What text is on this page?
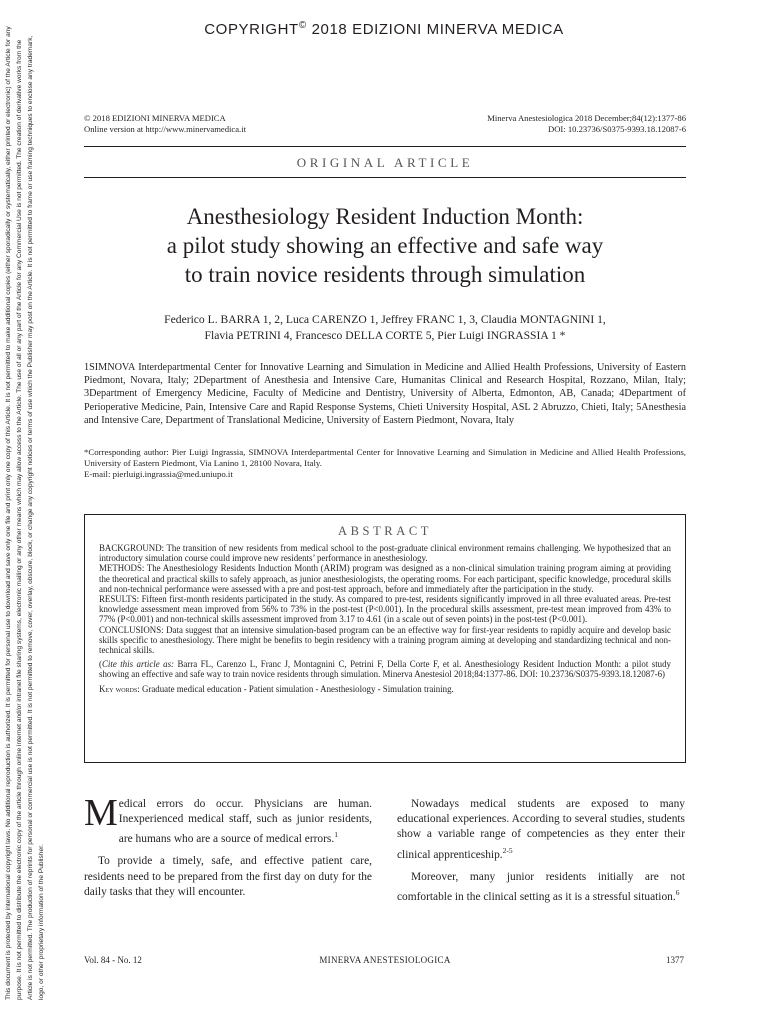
COPYRIGHT© 2018 EDIZIONI MINERVA MEDICA
This document is protected by international copyright laws. No additional reproduction is authorized. It is permitted for personal use to download and save only one file and print only one copy of this Article. It is not permitted to make additional copies (either sporadically or systematically, either printed or electronic) of the Article for any purpose. It is not permitted to distribute the electronic copy of the article through online internet and/or intranet file sharing systems, electronic mailing or any other means which may allow access to the Article. The use of all or any part of the Article for any Commercial Use is not permitted. The creation of derivative works from the Article is not permitted. The production of reprints for personal or commercial use is not permitted. It is not permitted to remove, cover, overlay, obscure, block, or change any copyright notices or terms of use which the Publisher may post on the Article. It is not permitted to frame or use framing techniques to enclose any trademark, logo, or other proprietary information of the Publisher.
© 2018 EDIZIONI MINERVA MEDICA
Online version at http://www.minervamedica.it
Minerva Anestesiologica 2018 December;84(12):1377-86
DOI: 10.23736/S0375-9393.18.12087-6
ORIGINAL ARTICLE
Anesthesiology Resident Induction Month:
a pilot study showing an effective and safe way
to train novice residents through simulation
Federico L. BARRA 1, 2, Luca CARENZO 1, Jeffrey FRANC 1, 3, Claudia MONTAGNINI 1,
Flavia PETRINI 4, Francesco DELLA CORTE 5, Pier Luigi INGRASSIA 1 *
1SIMNOVA Interdepartmental Center for Innovative Learning and Simulation in Medicine and Allied Health Professions, University of Eastern Piedmont, Novara, Italy; 2Department of Anesthesia and Intensive Care, Humanitas Clinical and Research Hospital, Rozzano, Milan, Italy; 3Department of Emergency Medicine, Faculty of Medicine and Dentistry, University of Alberta, Edmonton, AB, Canada; 4Department of Perioperative Medicine, Pain, Intensive Care and Rapid Response Systems, Chieti University Hospital, ASL 2 Abruzzo, Chieti, Italy; 5Anesthesia and Intensive Care, Department of Translational Medicine, University of Eastern Piedmont, Novara, Italy
*Corresponding author: Pier Luigi Ingrassia, SIMNOVA Interdepartmental Center for Innovative Learning and Simulation in Medicine and Allied Health Professions, University of Eastern Piedmont, Via Lanino 1, 28100 Novara, Italy.
E-mail: pierluigi.ingrassia@med.uniupo.it
ABSTRACT

BACKGROUND: The transition of new residents from medical school to the post-graduate clinical environment remains challenging. We hypothesized that an introductory simulation course could improve new residents’ performance in anesthesiology.

METHODS: The Anesthesiology Residents Induction Month (ARIM) program was designed as a non-clinical simulation training program aiming at providing the theoretical and practical skills to safely approach, as junior anesthesiologists, the operating rooms. For each participant, specific knowledge, procedural skills and non-technical performance were assessed with a pre and post-test approach, before and immediately after the participation in the study.

RESULTS: Fifteen first-month residents participated in the study. As compared to pre-test, residents significantly improved in all three evaluated areas. Pre-test knowledge assessment mean improved from 56% to 73% in the post-test (P<0.001). In the procedural skills assessment, pre-test mean improved from 43% to 77% (P<0.001) and non-technical skills assessment improved from 3.17 to 4.61 (in a scale out of seven points) in the post-test (P<0.001).

CONCLUSIONS: Data suggest that an intensive simulation-based program can be an effective way for first-year residents to rapidly acquire and develop basic skills specific to anesthesiology. There might be benefits to begin residency with a training program aiming at developing and standardizing technical and non-technical skills.

(Cite this article as: Barra FL, Carenzo L, Franc J, Montagnini C, Petrini F, Della Corte F, et al. Anesthesiology Resident Induction Month: a pilot study showing an effective and safe way to train novice residents through simulation. Minerva Anestesiol 2018;84:1377-86. DOI: 10.23736/S0375-9393.18.12087-6)

Key words: Graduate medical education - Patient simulation - Anesthesiology - Simulation training.

Medical errors do occur. Physicians are human. Inexperienced medical staff, such as junior residents, are humans who are a source of medical errors.$^1$

To provide a timely, safe, and effective patient care, residents need to be prepared from the first day on duty for the daily tasks that they will encounter.

Nowadays medical students are exposed to many educational experiences. According to several studies, students show a variable range of competencies as they enter their clinical apprenticeship.$^{2-5}$

Moreover, many junior residents initially are not comfortable in the clinical setting as it is a stressful situation.$^6$

Vol. 84 - No. 12	MINERVA ANESTESIOLOGICA	1377
